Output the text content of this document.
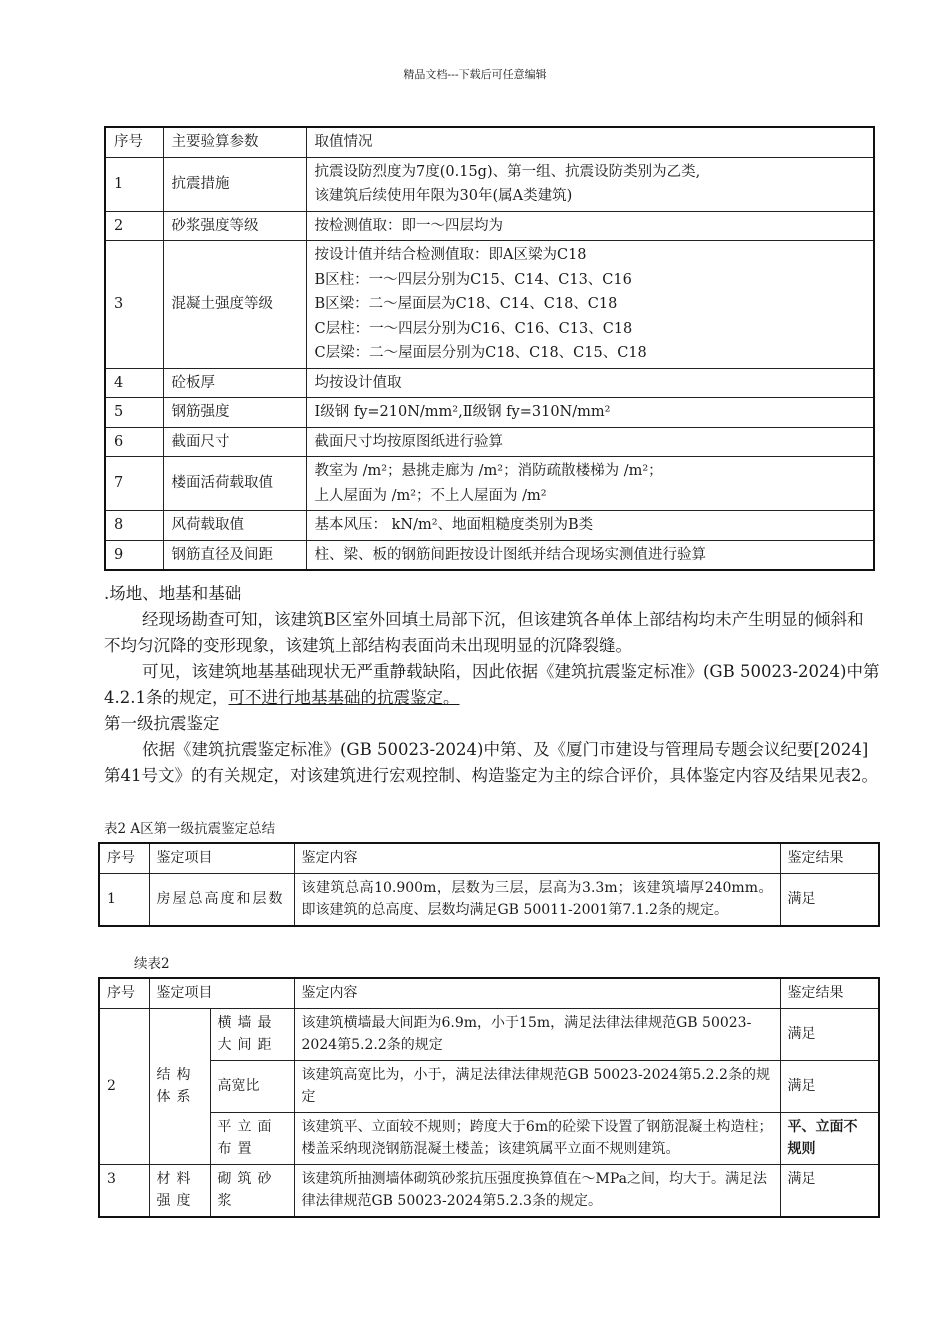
精品文档---下载后可任意编辑
序号	主要验算参数	取值情况
1	抗震措施	抗震设防烈度为7度(0.15g)、第一组、抗震设防类别为乙类,
该建筑后续使用年限为30年(属A类建筑)

2	砂浆强度等级	按检测值取：即一～四层均为
3	混凝土强度等级	按设计值并结合检测值取：即A区梁为C18
B区柱：一～四层分别为C15、C14、C13、C16
B区梁：二～屋面层为C18、C14、C18、C18
C层柱：一～四层分别为C16、C16、C13、C18
C层梁：二～屋面层分别为C18、C18、C15、C18

4	砼板厚	均按设计值取
5	钢筋强度	Ⅰ级钢 fy=210N/mm²,Ⅱ级钢 fy=310N/mm²
6	截面尺寸	截面尺寸均按原图纸进行验算
7	楼面活荷载取值	教室为 /m²；悬挑走廊为 /m²；消防疏散楼梯为 /m²；
上人屋面为 /m²；不上人屋面为 /m²

8	风荷载取值	基本风压： kN/m²、地面粗糙度类别为B类
9	钢筋直径及间距	柱、梁、板的钢筋间距按设计图纸并结合现场实测值进行验算

.场地、地基和基础

经现场勘查可知，该建筑B区室外回填土局部下沉，但该建筑各单体上部结构均未产生明显的倾斜和不均匀沉降的变形现象，该建筑上部结构表面尚未出现明显的沉降裂缝。

可见，该建筑地基基础现状无严重静载缺陷，因此依据《建筑抗震鉴定标准》(GB 50023-2024)中第4.2.1条的规定，可不进行地基基础的抗震鉴定。

第一级抗震鉴定

依据《建筑抗震鉴定标准》(GB 50023-2024)中第、及《厦门市建设与管理局专题会议纪要[2024]第41号文》的有关规定，对该建筑进行宏观控制、构造鉴定为主的综合评价，具体鉴定内容及结果见表2。

表2 A区第一级抗震鉴定总结
序号	鉴定项目	鉴定内容	鉴定结果
1	房屋总高度和层数	该建筑总高10.900m，层数为三层，层高为3.3m；该建筑墙厚240mm。即该建筑的总高度、层数均满足GB 50011-2001第7.1.2条的规定。	满足
续表2
序号	鉴定项目		鉴定内容	鉴定结果
2	结构体系	横墙最大间距	该建筑横墙最大间距为6.9m，小于15m，满足法律法律规范GB 50023-2024第5.2.2条的规定	满足
		高宽比	该建筑高宽比为，小于，满足法律法律规范GB 50023-2024第5.2.2条的规定	满足
		平立面布置	该建筑平、立面较不规则；跨度大于6m的砼梁下设置了钢筋混凝土构造柱；楼盖采纳现浇钢筋混凝土楼盖；该建筑属平立面不规则建筑。	平、立面不规则
3	材料强度	砌筑砂浆	该建筑所抽测墙体砌筑砂浆抗压强度换算值在～MPa之间，均大于。满足法律法律规范GB 50023-2024第5.2.3条的规定。	满足
